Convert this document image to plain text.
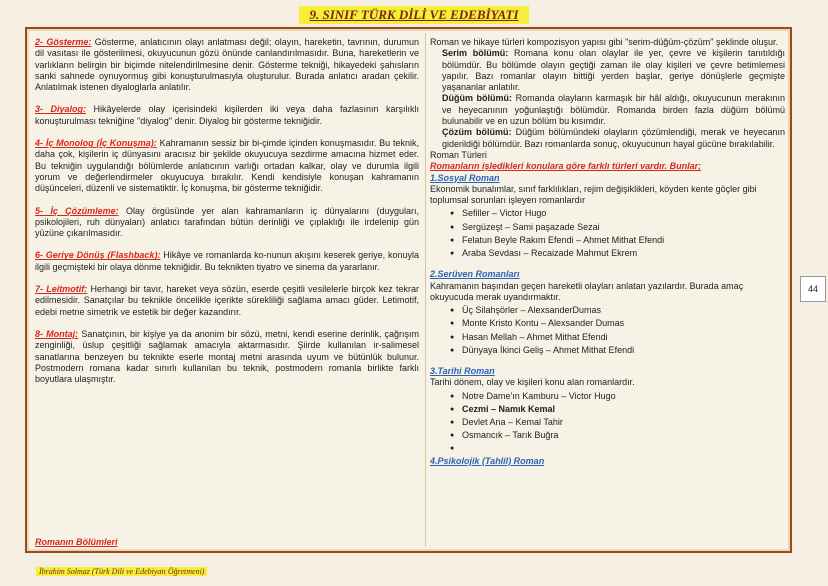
9. SINIF TÜRK DİLİ VE EDEBİYATI
2- Gösterme: Gösterme, anlatıcının olayı anlatması değil; olayın, hareketin, tavrının, durumun dil vasıtası ile gösterilmesi, okuyucunun gözü önünde canlandırılmasıdır. Buna, hareketlerin ve varlıkların belirgin bir biçimde nitelendirilmesine denir. Gösterme tekniği, hikayedeki şahısların sanki sahnede oynuyormuş gibi konuşturulmasıyla oluşturulur. Burada anlatıcı aradan çekilir. Anlatılmak istenen diyaloglarla anlatılır.
3- Diyalog: Hikâyelerde olay içerisindeki kişilerden iki veya daha fazlasının karşılıklı konuşturulması tekniğine "diyalog" denir. Diyalog bir gösterme tekniğidir.
4- İç Monolog (İç Konuşma): Kahramanın sessiz bir bi-çimde içinden konuşmasıdır. Bu teknik, daha çok, kişilerin iç dünyasını aracısız bir şekilde okuyucuya sezdirme amacına hizmet eder. Bu tekniğin uygulandığı bölümlerde anlatıcının varlığı ortadan kalkar, olay ve durumla ilgili yorum ve değerlendirmeler okuyucuya bırakılır. Kendi kendisiyle konuşan kahramanın düşünceleri, düzenli ve sistematiktir. İç konuşma, bir gösterme tekniğidir.
5- İç Çözümleme: Olay örgüsünde yer alan kahramanların iç dünyalarını (duyguları, psikolojileri, ruh dünyaları) anlatıcı tarafından bütün derinliği ve çıplaklığı ile irdelenip gün yüzüne çıkarılmasıdır.
6- Geriye Dönüş (Flashback): Hikâye ve romanlarda ko-nunun akışını keserek geriye, konuyla ilgili geçmişteki bir olaya dönme tekniğidir. Bu teknikten tiyatro ve sinema da yararlanır.
7- Leitmotif: Herhangi bir tavır, hareket veya sözün, eserde çeşitli vesilelerle birçok kez tekrar edilmesidir. Sanatçılar bu teknikle öncelikle içerikte sürekliliği sağlama amacı güder. Letimotif, edebi metne simetrik ve estetik bir değer kazandırır.
8- Montaj: Sanatçının, bir kişiye ya da anonim bir sözü, metni, kendi eserine derinlik, çağrışım zenginliği, üslup çeşitliği sağlamak amacıyla aktarmasıdır. Şiirde kullanılan ir-salimesel sanatlarına benzeyen bu teknikte eserle montaj metni arasında uyum ve bütünlük bulunur. Postmodern romana kadar sınırlı kullanılan bu teknik, postmodern romanla birlikte farklı boyutlara ulaşmıştır.
Romanın Bölümleri
Roman ve hikaye türleri kompozisyon yapısı gibi "serim-düğüm-çözüm" şeklinde oluşur.
Serim bölümü: Romana konu olan olaylar ile yer, çevre ve kişilerin tanıtıldığı bölümdür. Bu bölümde olayın geçtiği zaman ile olay kişileri ve çevre betimlemesi yapılır. Bazı romanlar olayın bittiği yerden başlar, geriye dönüşlerle geçmişte yaşananlar anlatılır.
Düğüm bölümü: Romanda olayların karmaşık bir hâl aldığı, okuyucunun merakının ve heyecanının yoğunlaştığı bölümdür. Romanda birden fazla düğüm bölümü bulunabilir ve en uzun bölüm bu kısımdır.
Çözüm bölümü: Düğüm bölümündeki olayların çözümlendiği, merak ve heyecanın giderildiği bölümdür. Bazı romanlarda sonuç, okuyucunun hayal gücüne bırakılabilir.
Roman Türleri
Romanların işledikleri konulara göre farklı türleri vardır. Bunlar;
1.Sosyal Roman
Ekonomik bunalımlar, sınıf farklılıkları, rejim değişiklikleri, köyden kente göçler gibi toplumsal sorunları işleyen romanlardır
● Sefiller – Victor Hugo
● Sergüzeşt – Sami paşazade Sezai
● Felatun Beyle Rakım Efendi – Ahmet Mithat Efendi
● Araba Sevdası – Recaizade Mahmut Ekrem
2.Serüven Romanları
Kahramanın başından geçen hareketli olayları anlatan yazılardır. Burada amaç okuyucuda merak uyandırmaktır.
● Üç Silahşörler – AlexsanderDumas
● Monte Kristo Kontu – Alexsander Dumas
● Hasan Mellah – Ahmet Mithat Efendi
● Dünyaya İkinci Geliş – Ahmet Mithat Efendi
3.Tarihi Roman
Tarihi dönem, olay ve kişileri konu alan romanlardır.
● Notre Dame'ın Kamburu – Victor Hugo
● Cezmi – Namık Kemal
● Devlet Ana – Kemal Tahir
● Osmancık – Tarık Buğra
●
4.Psikolojik (Tahlil) Roman
44
İbrahim Solmaz (Türk Dili ve Edebiyatı Öğretmeni)
